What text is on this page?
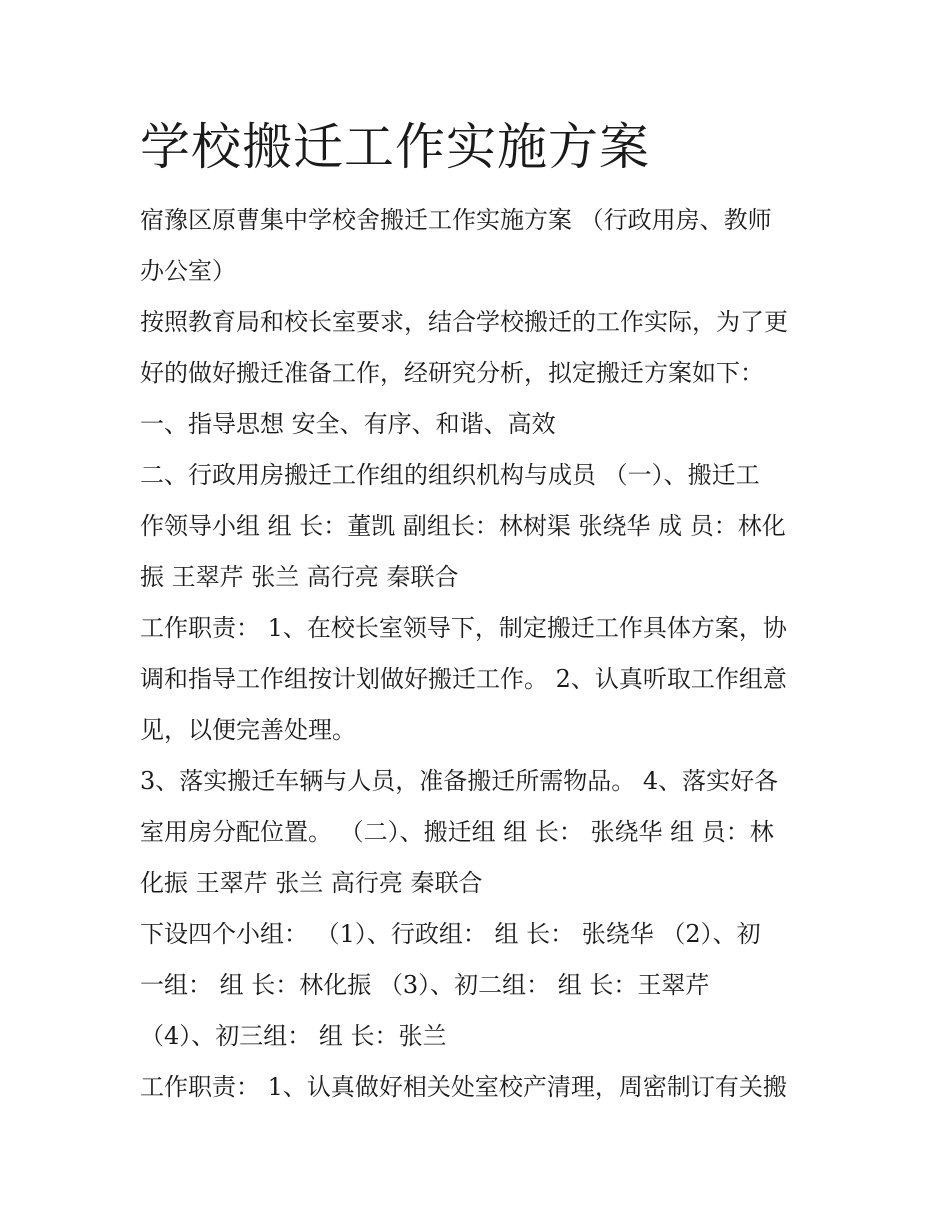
学校搬迁工作实施方案
宿豫区原曹集中学校舍搬迁工作实施方案 （行政用房、教师
办公室）
按照教育局和校长室要求，结合学校搬迁的工作实际，为了更
好的做好搬迁准备工作，经研究分析，拟定搬迁方案如下：
一、指导思想 安全、有序、和谐、高效
二、行政用房搬迁工作组的组织机构与成员 （一）、搬迁工
作领导小组 组 长：董凯 副组长：林树渠 张绕华 成 员：林化
振 王翠芹 张兰 高行亮 秦联合
工作职责： 1、在校长室领导下，制定搬迁工作具体方案，协
调和指导工作组按计划做好搬迁工作。 2、认真听取工作组意
见，以便完善处理。
3、落实搬迁车辆与人员，准备搬迁所需物品。 4、落实好各
室用房分配位置。 （二）、搬迁组 组 长： 张绕华 组 员：林
化振 王翠芹 张兰 高行亮 秦联合
下设四个小组： （1）、行政组： 组 长： 张绕华 （2）、初
一组： 组 长：林化振 （3）、初二组： 组 长：王翠芹
（4）、初三组： 组 长：张兰
工作职责： 1、认真做好相关处室校产清理，周密制订有关搬
